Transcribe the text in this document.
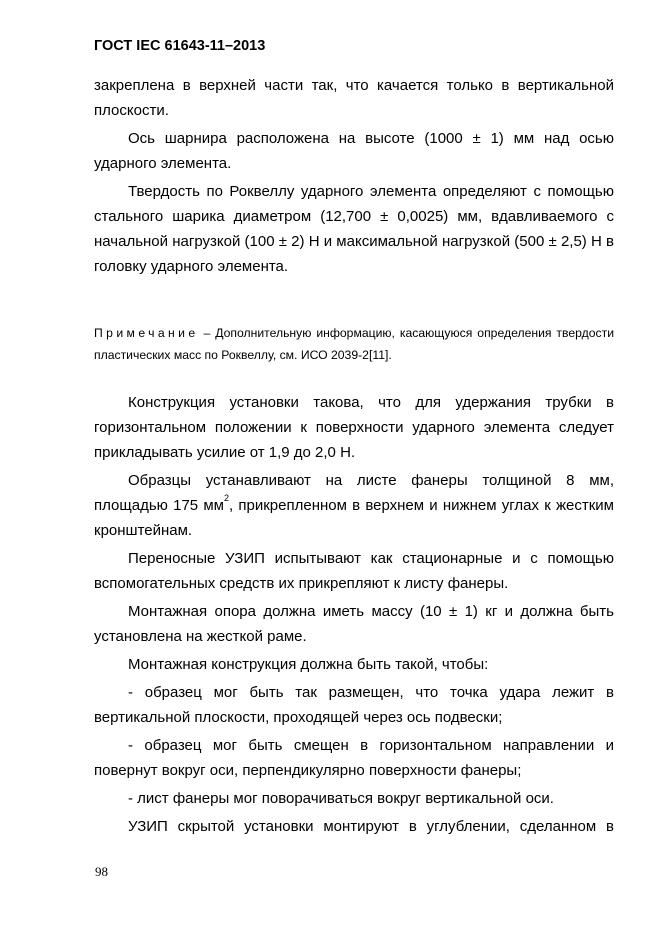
ГОСТ IEC 61643-11–2013

закреплена в верхней части так, что качается только в вертикальной плоскости.

Ось шарнира расположена на высоте (1000 ± 1) мм над осью ударного элемента.

Твердость по Роквеллу ударного элемента определяют с помощью стального шарика диаметром (12,700 ± 0,0025) мм, вдавливаемого с начальной нагрузкой (100 ± 2) Н и максимальной нагрузкой (500 ± 2,5) Н в головку ударного элемента.

Примечание – Дополнительную информацию, касающуюся определения твердости пластических масс по Роквеллу, см. ИСО 2039-2[11].

Конструкция установки такова, что для удержания трубки в горизонтальном положении к поверхности ударного элемента следует прикладывать усилие от 1,9 до 2,0 Н.

Образцы устанавливают на листе фанеры толщиной 8 мм, площадью 175 $мм^2$, прикрепленном в верхнем и нижнем углах к жестким кронштейнам.

Переносные УЗИП испытывают как стационарные и с помощью вспомогательных средств их прикрепляют к листу фанеры.

Монтажная опора должна иметь массу (10 ± 1) кг и должна быть установлена на жесткой раме.

Монтажная конструкция должна быть такой, чтобы:

- образец мог быть так размещен, что точка удара лежит в вертикальной плоскости, проходящей через ось подвески;

- образец мог быть смещен в горизонтальном направлении и повернут вокруг оси, перпендикулярно поверхности фанеры;

- лист фанеры мог поворачиваться вокруг вертикальной оси.

УЗИП скрытой установки монтируют в углублении, сделанном в

98
